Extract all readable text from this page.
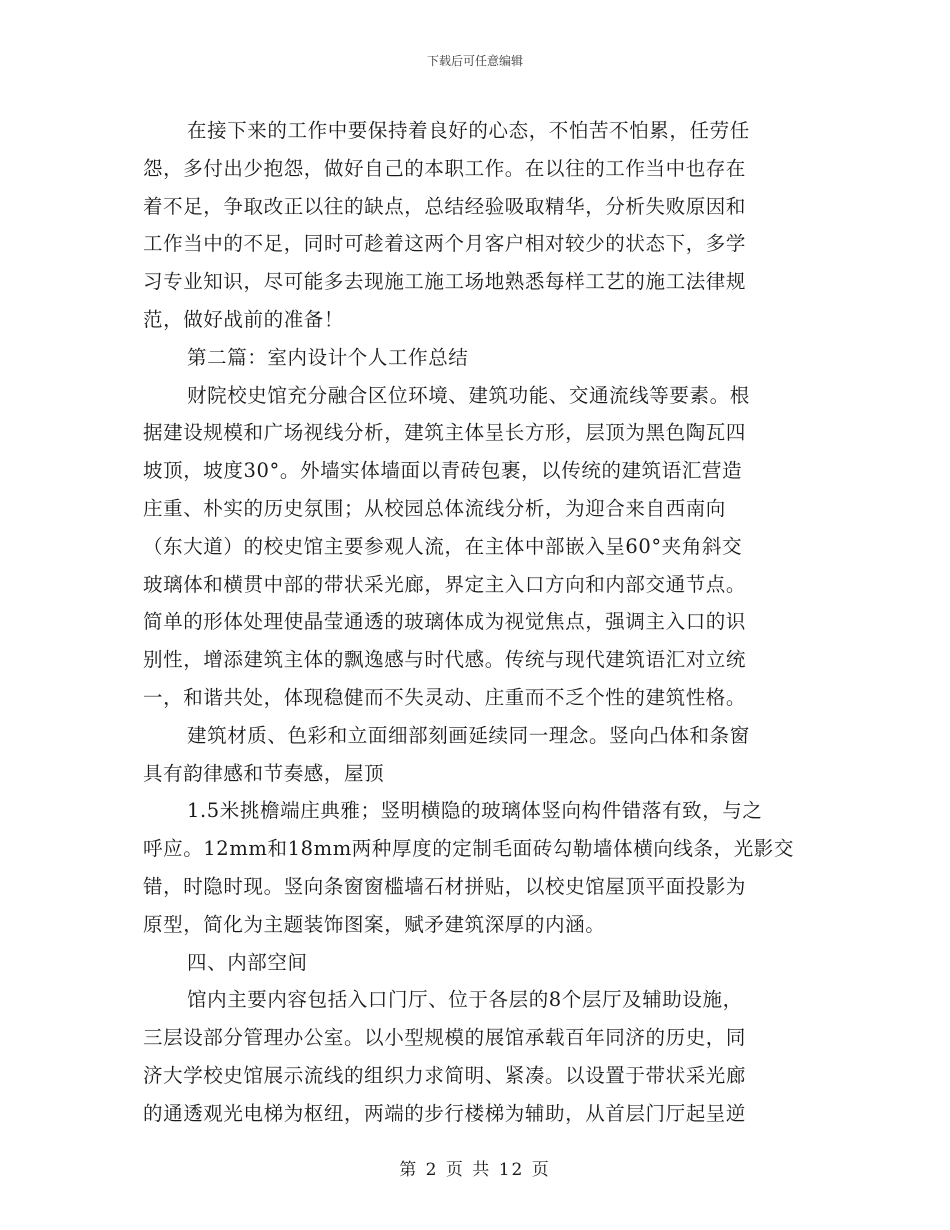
下载后可任意编辑
在接下来的工作中要保持着良好的心态，不怕苦不怕累，任劳任
怨，多付出少抱怨，做好自己的本职工作。在以往的工作当中也存在
着不足，争取改正以往的缺点，总结经验吸取精华，分析失败原因和
工作当中的不足，同时可趁着这两个月客户相对较少的状态下，多学
习专业知识，尽可能多去现施工施工场地熟悉每样工艺的施工法律规
范，做好战前的准备！
第二篇：室内设计个人工作总结
财院校史馆充分融合区位环境、建筑功能、交通流线等要素。根
据建设规模和广场视线分析，建筑主体呈长方形，层顶为黑色陶瓦四
坡顶，坡度30°。外墙实体墙面以青砖包裹，以传统的建筑语汇营造
庄重、朴实的历史氛围；从校园总体流线分析，为迎合来自西南向
（东大道）的校史馆主要参观人流，在主体中部嵌入呈60°夹角斜交
玻璃体和横贯中部的带状采光廊，界定主入口方向和内部交通节点。
简单的形体处理使晶莹通透的玻璃体成为视觉焦点，强调主入口的识
别性，增添建筑主体的飘逸感与时代感。传统与现代建筑语汇对立统
一，和谐共处，体现稳健而不失灵动、庄重而不乏个性的建筑性格。
建筑材质、色彩和立面细部刻画延续同一理念。竖向凸体和条窗
具有韵律感和节奏感，屋顶
1.5米挑檐端庄典雅；竖明横隐的玻璃体竖向构件错落有致，与之
呼应。12mm和18mm两种厚度的定制毛面砖勾勒墙体横向线条，光影交
错，时隐时现。竖向条窗窗槛墙石材拼贴，以校史馆屋顶平面投影为
原型，简化为主题装饰图案，赋矛建筑深厚的内涵。
四、内部空间
馆内主要内容包括入口门厅、位于各层的8个层厅及辅助设施，
三层设部分管理办公室。以小型规模的展馆承载百年同济的历史，同
济大学校史馆展示流线的组织力求简明、紧凑。以设置于带状采光廊
的通透观光电梯为枢纽，两端的步行楼梯为辅助，从首层门厅起呈逆
第 2 页 共 12 页
